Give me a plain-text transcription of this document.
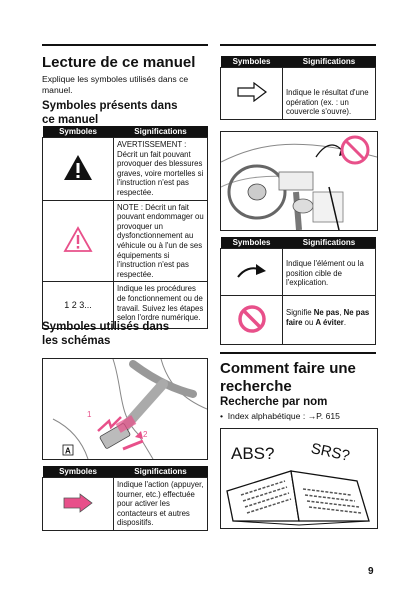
Lecture de ce manuel
Explique les symboles utilisés dans ce manuel.
Symboles présents dans ce manuel
Symboles	Significations
	AVERTISSEMENT : Décrit un fait pouvant provoquer des blessures graves, voire mortelles si l'instruction n'est pas respectée.
	NOTE : Décrit un fait pouvant endommager ou provoquer un dysfonctionnement au véhicule ou à l'un de ses équipements si l'instruction n'est pas respectée.
1 2 3...	Indique les procédures de fonctionnement ou de travail. Suivez les étapes selon l'ordre numérique.
Symboles utilisés dans les schémas
1
2
A
Symboles	Significations
	Indique l'action (appuyer, tourner, etc.) effectuée pour activer les contacteurs et autres dispositifs.
Symboles	Significations
	Indique le résultat d'une opération (ex. : un couvercle s'ouvre).
Symboles	Significations
	Indique l'élément ou la position cible de l'explication.
	Signifie Ne pas, Ne pas faire ou A éviter.
Comment faire une recherche
Recherche par nom
•  Index alphabétique : →P. 615
ABS? SRS?
9
